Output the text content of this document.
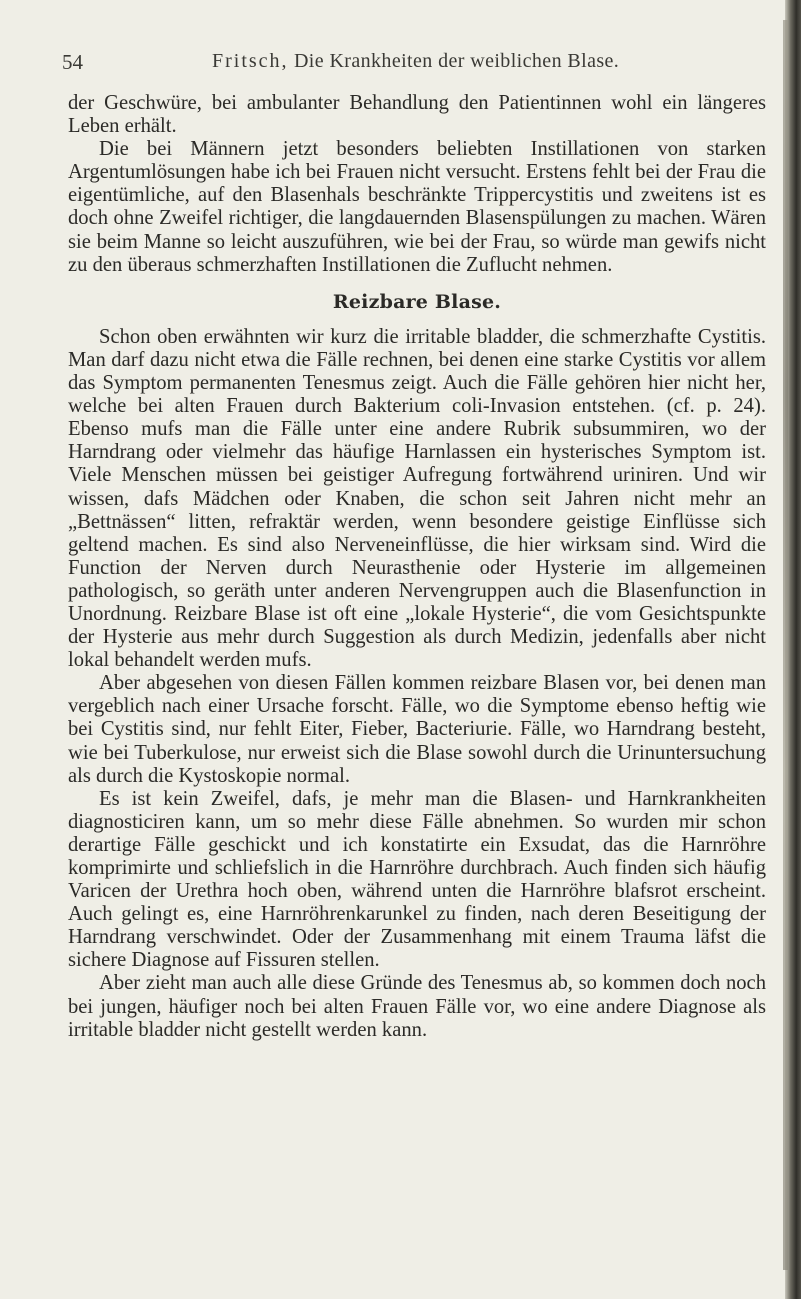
54	Fritsch, Die Krankheiten der weiblichen Blase.

der Geschwüre, bei ambulanter Behandlung den Patientinnen wohl ein längeres Leben erhält.

Die bei Männern jetzt besonders beliebten Instillationen von starken Argentumlösungen habe ich bei Frauen nicht versucht. Erstens fehlt bei der Frau die eigentümliche, auf den Blasenhals beschränkte Trippercystitis und zweitens ist es doch ohne Zweifel richtiger, die langdauernden Blasenspülungen zu machen. Wären sie beim Manne so leicht auszuführen, wie bei der Frau, so würde man gewifs nicht zu den überaus schmerzhaften Instillationen die Zuflucht nehmen.

Reizbare Blase.

Schon oben erwähnten wir kurz die irritable bladder, die schmerzhafte Cystitis. Man darf dazu nicht etwa die Fälle rechnen, bei denen eine starke Cystitis vor allem das Symptom permanenten Tenesmus zeigt. Auch die Fälle gehören hier nicht her, welche bei alten Frauen durch Bakterium coli-Invasion entstehen. (cf. p. 24). Ebenso mufs man die Fälle unter eine andere Rubrik subsummiren, wo der Harndrang oder vielmehr das häufige Harnlassen ein hysterisches Symptom ist. Viele Menschen müssen bei geistiger Aufregung fortwährend uriniren. Und wir wissen, dafs Mädchen oder Knaben, die schon seit Jahren nicht mehr an „Bettnässen“ litten, refraktär werden, wenn besondere geistige Einflüsse sich geltend machen. Es sind also Nerveneinflüsse, die hier wirksam sind. Wird die Function der Nerven durch Neurasthenie oder Hysterie im allgemeinen pathologisch, so geräth unter anderen Nervengruppen auch die Blasenfunction in Unordnung. Reizbare Blase ist oft eine „lokale Hysterie“, die vom Gesichtspunkte der Hysterie aus mehr durch Suggestion als durch Medizin, jedenfalls aber nicht lokal behandelt werden mufs.

Aber abgesehen von diesen Fällen kommen reizbare Blasen vor, bei denen man vergeblich nach einer Ursache forscht. Fälle, wo die Symptome ebenso heftig wie bei Cystitis sind, nur fehlt Eiter, Fieber, Bacteriurie. Fälle, wo Harndrang besteht, wie bei Tuberkulose, nur erweist sich die Blase sowohl durch die Urinuntersuchung als durch die Kystoskopie normal.

Es ist kein Zweifel, dafs, je mehr man die Blasen- und Harnkrankheiten diagnosticiren kann, um so mehr diese Fälle abnehmen. So wurden mir schon derartige Fälle geschickt und ich konstatirte ein Exsudat, das die Harnröhre komprimirte und schliefslich in die Harnröhre durchbrach. Auch finden sich häufig Varicen der Urethra hoch oben, während unten die Harnröhre blafsrot erscheint. Auch gelingt es, eine Harnröhrenkarunkel zu finden, nach deren Beseitigung der Harndrang verschwindet. Oder der Zusammenhang mit einem Trauma läfst die sichere Diagnose auf Fissuren stellen.

Aber zieht man auch alle diese Gründe des Tenesmus ab, so kommen doch noch bei jungen, häufiger noch bei alten Frauen Fälle vor, wo eine andere Diagnose als irritable bladder nicht gestellt werden kann.
